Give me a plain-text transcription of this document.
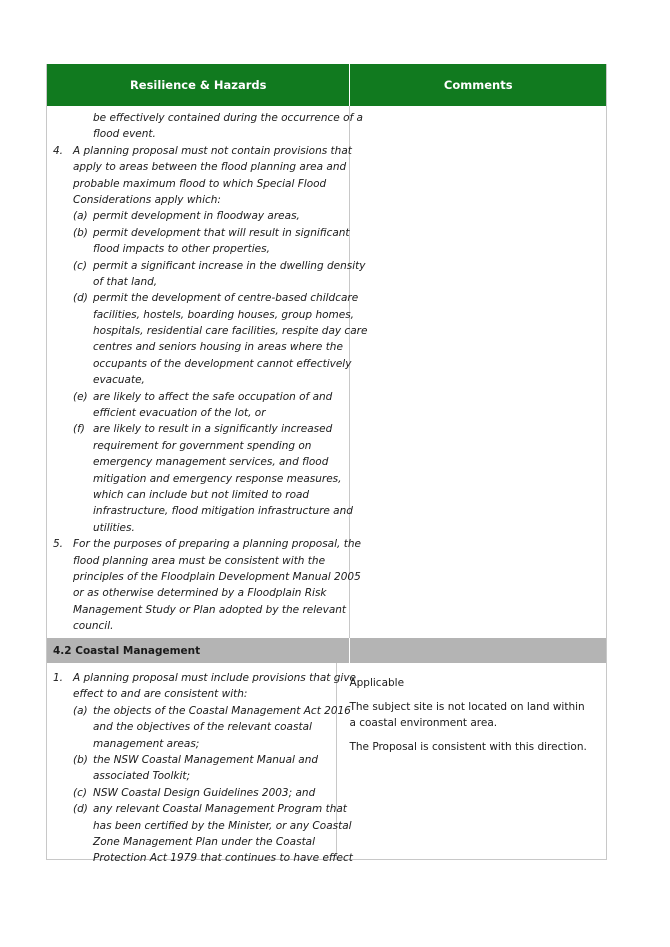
Resilience & Hazards	Comments
be effectively contained during the occurrence of a
flood event.
4. A planning proposal must not contain provisions that
apply to areas between the flood planning area and
probable maximum flood to which Special Flood
Considerations apply which:
(a) permit development in floodway areas,
(b) permit development that will result in significant
flood impacts to other properties,
(c) permit a significant increase in the dwelling density
of that land,
(d) permit the development of centre-based childcare
facilities, hostels, boarding houses, group homes,
hospitals, residential care facilities, respite day care
centres and seniors housing in areas where the
occupants of the development cannot effectively
evacuate,
(e) are likely to affect the safe occupation of and
efficient evacuation of the lot, or
(f) are likely to result in a significantly increased
requirement for government spending on
emergency management services, and flood
mitigation and emergency response measures,
which can include but not limited to road
infrastructure, flood mitigation infrastructure and
utilities.
5. For the purposes of preparing a planning proposal, the
flood planning area must be consistent with the
principles of the Floodplain Development Manual 2005
or as otherwise determined by a Floodplain Risk
Management Study or Plan adopted by the relevant
council.
4.2 Coastal Management
1. A planning proposal must include provisions that give
effect to and are consistent with:
(a) the objects of the Coastal Management Act 2016
and the objectives of the relevant coastal
management areas;
(b) the NSW Coastal Management Manual and
associated Toolkit;
(c) NSW Coastal Design Guidelines 2003; and
(d) any relevant Coastal Management Program that
has been certified by the Minister, or any Coastal
Zone Management Plan under the Coastal
Protection Act 1979 that continues to have effect

Applicable

The subject site is not located on land within a coastal environment area.

The Proposal is consistent with this direction.
